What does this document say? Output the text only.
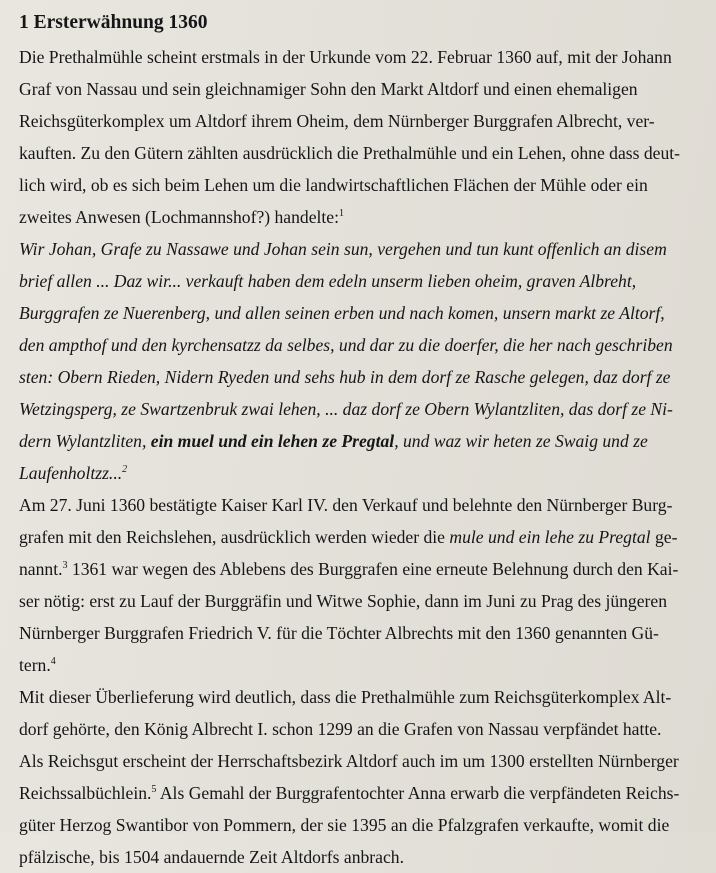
1 Ersterwähnung 1360

Die Prethalmühle scheint erstmals in der Urkunde vom 22. Februar 1360 auf, mit der Johann
Graf von Nassau und sein gleichnamiger Sohn den Markt Altdorf und einen ehemaligen
Reichsgüterkomplex um Altdorf ihrem Oheim, dem Nürnberger Burggrafen Albrecht, ver-
kauften. Zu den Gütern zählten ausdrücklich die Prethalmühle und ein Lehen, ohne dass deut-
lich wird, ob es sich beim Lehen um die landwirtschaftlichen Flächen der Mühle oder ein
zweites Anwesen (Lochmannshof?) handelte:$^1$

Wir Johan, Grafe zu Nassawe und Johan sein sun, vergehen und tun kunt offenlich an disem
brief allen ... Daz wir... verkauft haben dem edeln unserm lieben oheim, graven Albreht,
Burggrafen ze Nuerenberg, und allen seinen erben und nach komen, unsern markt ze Altorf,
den ampthof und den kyrchensatzz da selbes, und dar zu die doerfer, die her nach geschriben
sten: Obern Rieden, Nidern Ryeden und sehs hub in dem dorf ze Rasche gelegen, daz dorf ze
Wetzingsperg, ze Swartzenbruk zwai lehen, ... daz dorf ze Obern Wylantzliten, das dorf ze Ni-
dern Wylantzliten, ein muel und ein lehen ze Pregtal, und waz wir heten ze Swaig und ze
Laufenholtzz...$^2$

Am 27. Juni 1360 bestätigte Kaiser Karl IV. den Verkauf und belehnte den Nürnberger Burg-
grafen mit den Reichslehen, ausdrücklich werden wieder die mule und ein lehe zu Pregtal ge-
nannt.$^3$ 1361 war wegen des Ablebens des Burggrafen eine erneute Belehnung durch den Kai-
ser nötig: erst zu Lauf der Burggräfin und Witwe Sophie, dann im Juni zu Prag des jüngeren
Nürnberger Burggrafen Friedrich V. für die Töchter Albrechts mit den 1360 genannten Gü-
tern.$^4$

Mit dieser Überlieferung wird deutlich, dass die Prethalmühle zum Reichsgüterkomplex Alt-
dorf gehörte, den König Albrecht I. schon 1299 an die Grafen von Nassau verpfändet hatte.
Als Reichsgut erscheint der Herrschaftsbezirk Altdorf auch im um 1300 erstellten Nürnberger
Reichssalbüchlein.$^5$ Als Gemahl der Burggrafentochter Anna erwarb die verpfändeten Reichs-
güter Herzog Swantibor von Pommern, der sie 1395 an die Pfalzgrafen verkaufte, womit die
pfälzische, bis 1504 andauernde Zeit Altdorfs anbrach.
